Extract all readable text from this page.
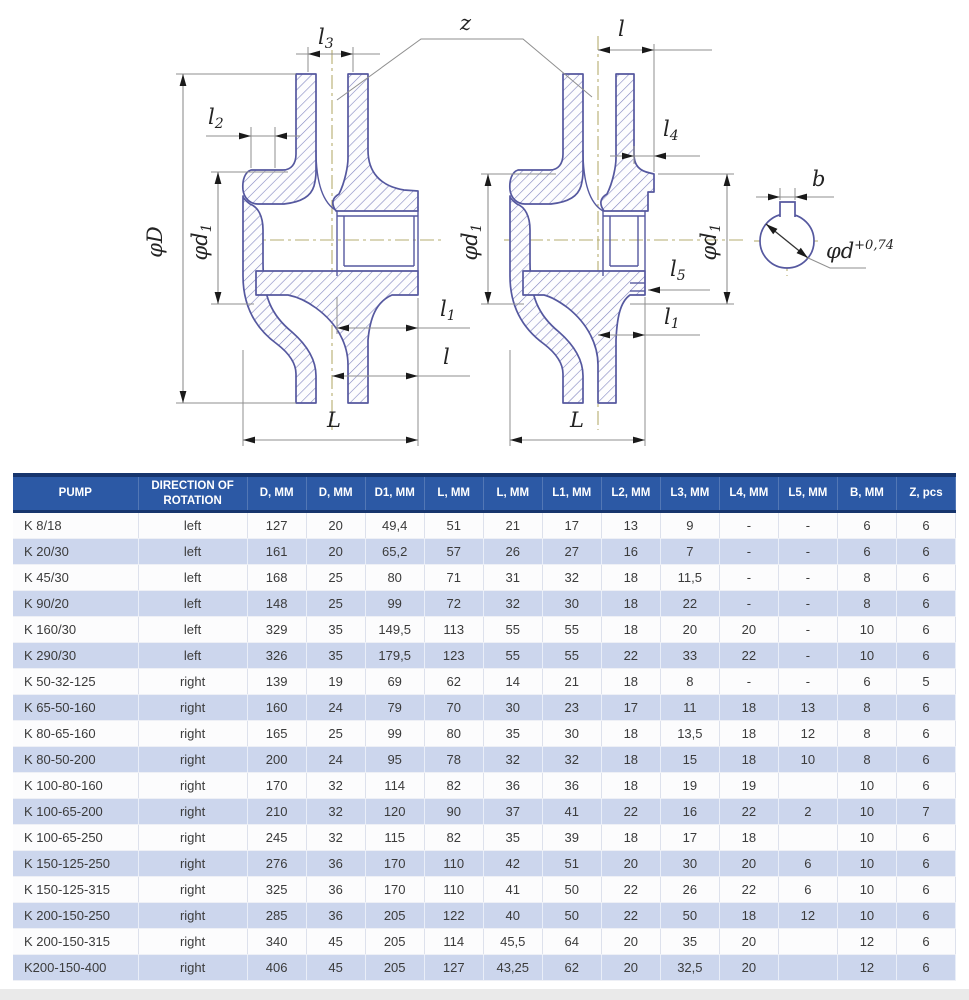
l3
z
l2
φD φd1
l1
l
L
l
l4
φd1
φd1
l5
l1
L
b
$\varphi d^{+0,74}$
PUMP	DIRECTION OF ROTATION	D, MM	D, MM	D1, MM	L, MM	L, MM	L1, MM	L2, MM	L3, MM	L4, MM	L5, MM	B, MM	Z, pcs
K 8/18	left	127	20	49,4	51	21	17	13	9	-	-	6	6
K 20/30	left	161	20	65,2	57	26	27	16	7	-	-	6	6
K 45/30	left	168	25	80	71	31	32	18	11,5	-	-	8	6
K 90/20	left	148	25	99	72	32	30	18	22	-	-	8	6
K 160/30	left	329	35	149,5	113	55	55	18	20	20	-	10	6
K 290/30	left	326	35	179,5	123	55	55	22	33	22	-	10	6
K 50-32-125	right	139	19	69	62	14	21	18	8	-	-	6	5
K 65-50-160	right	160	24	79	70	30	23	17	11	18	13	8	6
K 80-65-160	right	165	25	99	80	35	30	18	13,5	18	12	8	6
K 80-50-200	right	200	24	95	78	32	32	18	15	18	10	8	6
K 100-80-160	right	170	32	114	82	36	36	18	19	19		10	6
K 100-65-200	right	210	32	120	90	37	41	22	16	22	2	10	7
K 100-65-250	right	245	32	115	82	35	39	18	17	18		10	6
K 150-125-250	right	276	36	170	110	42	51	20	30	20	6	10	6
K 150-125-315	right	325	36	170	110	41	50	22	26	22	6	10	6
K 200-150-250	right	285	36	205	122	40	50	22	50	18	12	10	6
K 200-150-315	right	340	45	205	114	45,5	64	20	35	20		12	6
K200-150-400	right	406	45	205	127	43,25	62	20	32,5	20		12	6
